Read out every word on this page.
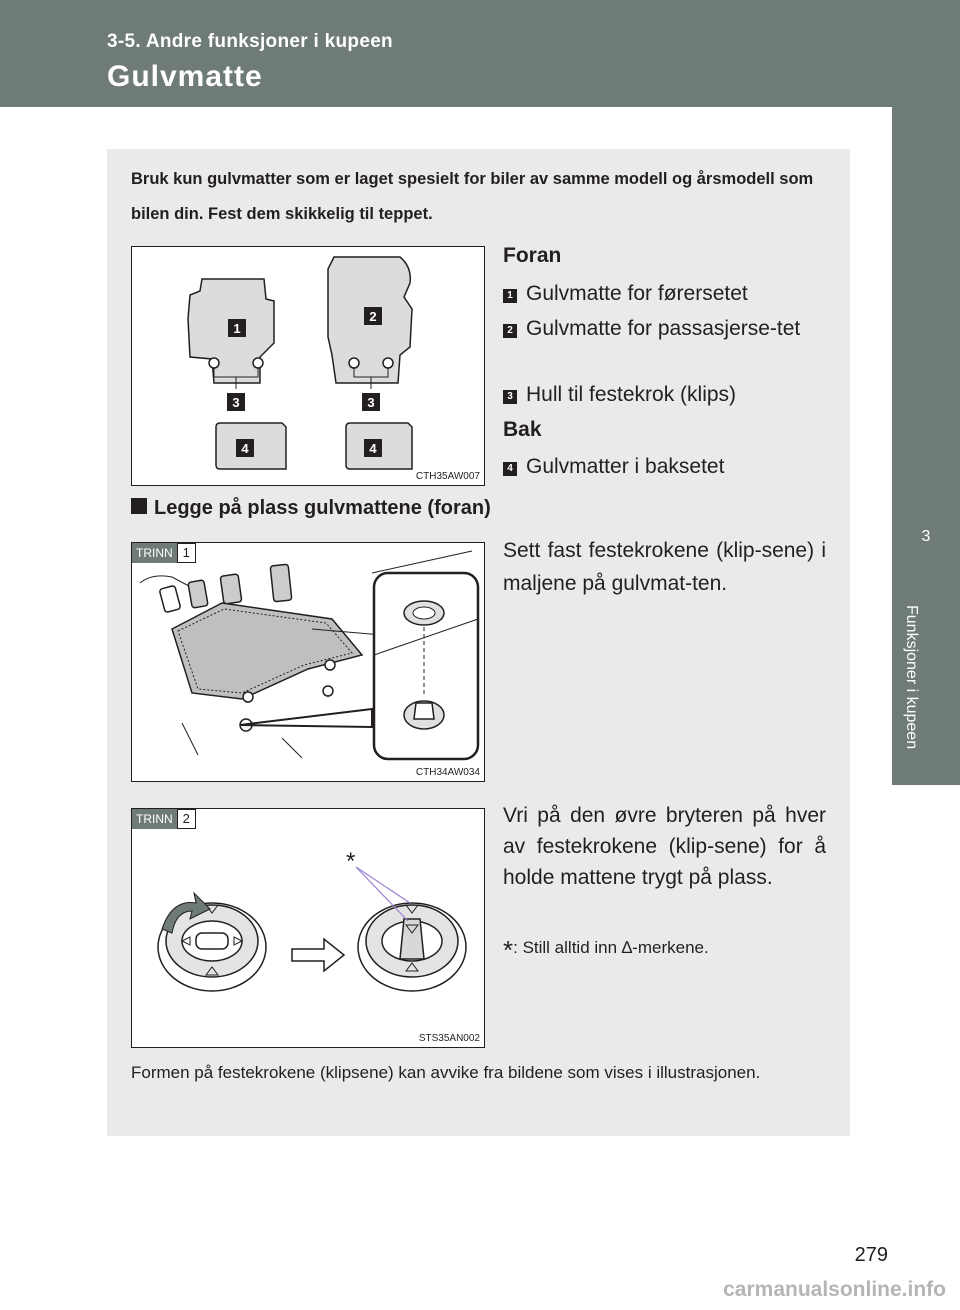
3-5. Andre funksjoner i kupeen
Gulvmatte
3
Funksjoner i kupeen
Bruk kun gulvmatter som er laget spesielt for biler av samme modell og årsmodell som bilen din. Fest dem skikkelig til teppet.
1
2
3	3
4	4
CTH35AW007
Foran
1 Gulvmatte for førersetet
2 Gulvmatte for passasjerse-tet
3 Hull til festekrok (klips)
Bak
4 Gulvmatter i baksetet
Legge på plass gulvmattene (foran)
TRINN 1
CTH34AW034
Sett fast festekrokene (klip-sene) i maljene på gulvmat-ten.
*
TRINN 2
STS35AN002
Vri på den øvre bryteren på hver av festekrokene (klip-sene) for å holde mattene trygt på plass.
*: Still alltid inn ∆-merkene.
Formen på festekrokene (klipsene) kan avvike fra bildene som vises i illustrasjonen.
279
carmanualsonline.info
